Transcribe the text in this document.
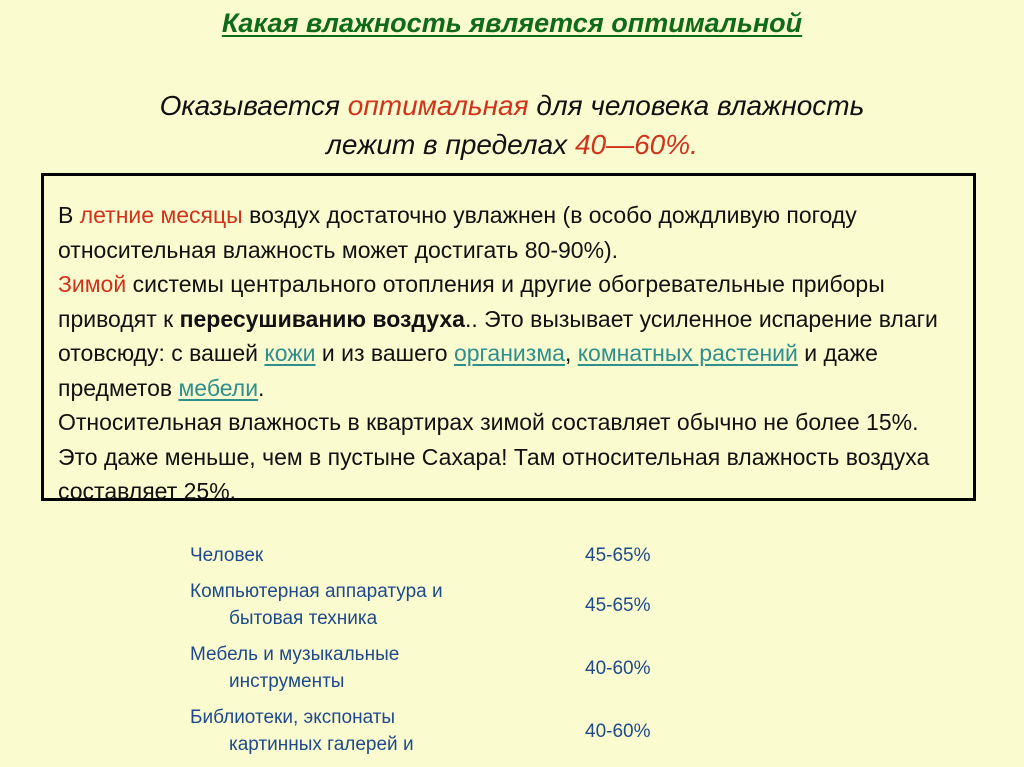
Какая влажность является оптимальной
Оказывается оптимальная для человека влажность
лежит в пределах 40—60%.
В летние месяцы воздух достаточно увлажнен (в особо дождливую погоду относительная влажность может достигать 80-90%).
Зимой системы центрального отопления и другие обогревательные приборы приводят к пересушиванию воздуха.. Это вызывает усиленное испарение влаги отовсюду: с вашей кожи и из вашего организма, комнатных растений и даже предметов мебели.
Относительная влажность в квартирах зимой составляет обычно не более 15%. Это даже меньше, чем в пустыне Сахара! Там относительная влажность воздуха составляет 25%.
Человек	45-65%
Компьютерная аппаратура и
бытовая техника
45-65%
Мебель и музыкальные
инструменты
40-60%
Библиотеки, экспонаты
картинных галерей и
40-60%
